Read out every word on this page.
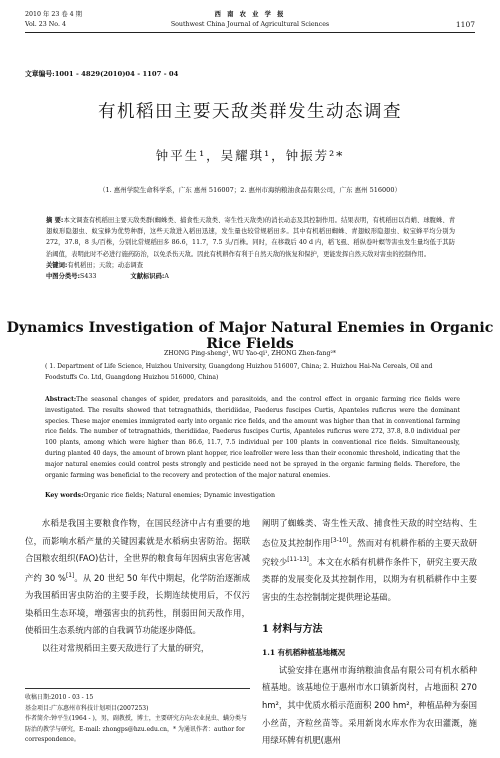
2010 年 23 卷 4 期
Vol. 23 No. 4
西 南 农 业 学 报
Southwest China Journal of Agricultural Sciences	1107
文章编号:1001 - 4829(2010)04 - 1107 - 04
有机稻田主要天敌类群发生动态调查
钟平生¹，吴耀琪¹，钟振芳²*
（1. 惠州学院生命科学系，广东 惠州 516007；2. 惠州市海纳粮油食品有限公司，广东 惠州 516000）
摘 要:本文调查有机稻田主要天敌类群(蜘蛛类、捕食性天敌类、寄生性天敌类)的消长动态及其控制作用。结果表明，有机稻田以肖蛸、球腹蛛、青翅蚁形隐翅虫、蚁宝蜂为优势种群，这些天敌进入稻田迅速，发生量也较常规稻田多。其中有机稻田蜘蛛、青翅蚁形隐翅虫、蚁宝蜂平均分别为 272，37.8，8 头/百株，分别比常规稻田多 86.6，11.7，7.5 头/百株。同时，在移栽后 40 d 内，稻飞虱、稻纵卷叶螟等害虫发生量均低于其防治阈值，表明此时不必进行施药防治，以免杀伤天敌。因此有机耕作有利于自然天敌的恢复和保护，更能发挥自然天敌对害虫的控制作用。
关键词:有机稻田；天敌；动态调查
中图分类号:S433	文献标识码:A
Dynamics Investigation of Major Natural Enemies in Organic Rice Fields
ZHONG Ping-sheng¹, WU Yao-qi¹, ZHONG Zhen-fang²*
( 1. Department of Life Science, Huizhou University, Guangdong Huizhou 516007, China; 2. Huizhou Hai-Na Cereals, Oil and Foodstuffs Co. Ltd, Guangdong Huizhou 516000, China)
Abstract:The seasonal changes of spider, predators and parasitoids, and the control effect in organic farming rice fields were investigated. The results showed that tetragnathids, theridiidae, Paederus fuscipes Curtis, Apanteles ruficrus were the dominant species. These major enemies immigrated early into organic rice fields, and the amount was higher than that in conventional farming rice fields. The number of tetragnathids, theridiidae, Paederus fuscipes Curtis, Apanteles ruficrus were 272, 37.8, 8.0 individual per 100 plants, among which were higher than 86.6, 11.7, 7.5 individual per 100 plants in conventional rice fields. Simultaneously, during planted 40 days, the amount of brown plant hopper, rice leafroller were less than their economic threshold, indicating that the major natural enemies could control pests strongly and pesticide need not be sprayed in the organic farming fields. Therefore, the organic farming was beneficial to the recovery and protection of the major natural enemies.
Key words:Organic rice fields; Natural enemies; Dynamic investigation

水稻是我国主要粮食作物，在国民经济中占有重要的地位，而影响水稻产量的关键因素就是水稻病虫害防治。据联合国粮农组织(FAO)估计，全世界的粮食每年因病虫害危害减产约 30 %[1]。从 20 世纪 50 年代中期起，化学防治逐渐成为我国稻田害虫防治的主要手段，长期连续使用后，不仅污染稻田生态环境，增强害虫的抗药性，削弱田间天敌作用，使稻田生态系统内部的自我调节功能逐步降低。

以往对常规稻田主要天敌进行了大量的研究，

阐明了蜘蛛类、寄生性天敌、捕食性天敌的时空结构、生态位及其控制作用[3-10]。然而对有机耕作稻的主要天敌研究较少[11-13]。本文在水稻有机耕作条件下，研究主要天敌类群的发展变化及其控制作用，以期为有机稻耕作中主要害虫的生态控制制定提供理论基础。

1 材料与方法
1.1 有机稻种植基地概况

试验安排在惠州市海纳粮油食品有限公司有机水稻种植基地。该基地位于惠州市水口镇新岗村，占地面积 270 hm²，其中优质水稻示范面积 200 hm²，种植品种为泰国小丝苗，齐粒丝苗等。采用新岗水库水作为农田灌溉，施用绿环牌有机肥(惠州

收稿日期:2010 - 03 - 15
基金项目:广东惠州市科技计划项目(2007253)
作者简介:钟平生(1964 - )，男，副教授，博士，主要研究方向:农业昆虫、螨分类与防治的教学与研究，E-mail: zhongps@hzu.edu.cn，* 为通讯作者：author for correspondence。
